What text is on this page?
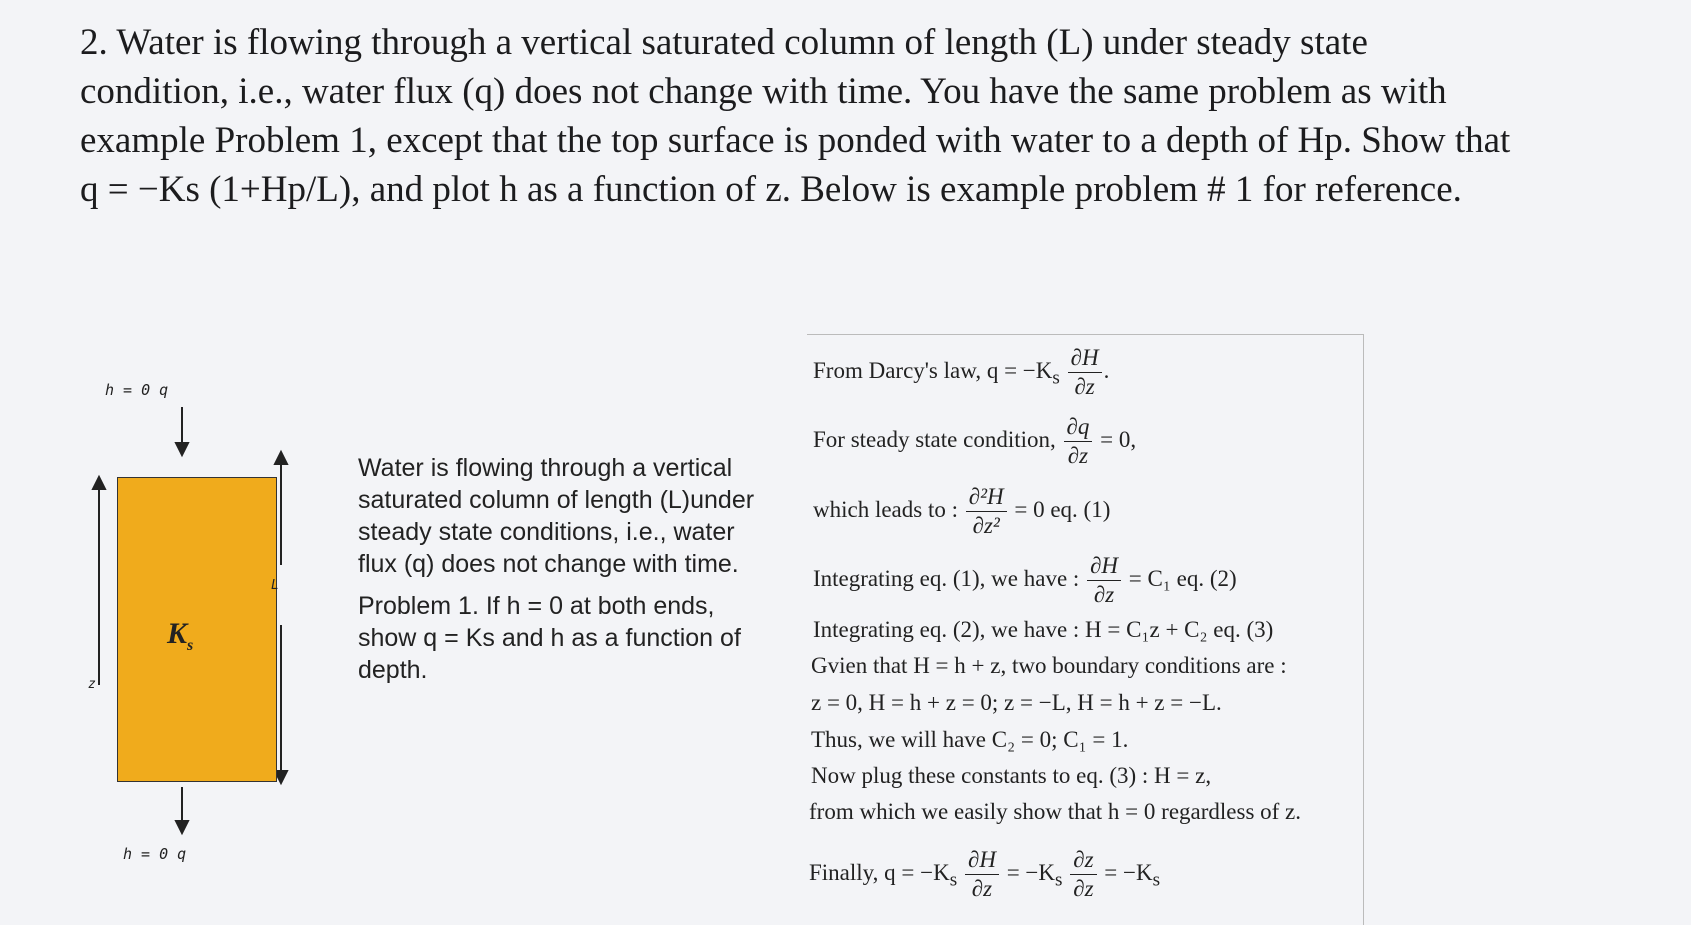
2. Water is flowing through a vertical saturated column of length (L) under steady state

condition, i.e., water flux (q) does not change with time. You have the same problem as with

example Problem 1, except that the top surface is ponded with water to a depth of Hp. Show that

q = −Ks (1+Hp/L), and plot h as a function of z. Below is example problem # 1 for reference.

h = 0 q
$K_s$
L
z
h = 0 q

Water is flowing through a vertical saturated column of length (L)under steady state conditions, i.e., water flux (q) does not change with time.

Problem 1. If h = 0 at both ends, show q = Ks and h as a function of depth.

From Darcy's law, $q = -K_s \frac{\partial H}{\partial z}$ .
For steady state condition, $\frac{\partial q}{\partial z} = 0$,
which leads to : $\frac{\text{∂²H}}{\text{∂z²}} = 0$ eq. (1)
Integrating eq. (1), we have : $\frac{\partial H}{\partial z} = C_1$ eq. (2)
Integrating eq. (2), we have : H = C₁z + C₂ eq. (3)
Gvien that H = h + z, two boundary conditions are :
z = 0, H = h + z = 0; z = −L, H = h + z = −L.
Thus, we will have C₂ = 0; C₁ = 1.
Now plug these constants to eq. (3) : H = z,
from which we easily show that h = 0 regardless of z.
Finally, $q = -K_s \frac{\partial H}{\partial z} = -K_s \frac{\partial z}{\partial z} = -K_s$
